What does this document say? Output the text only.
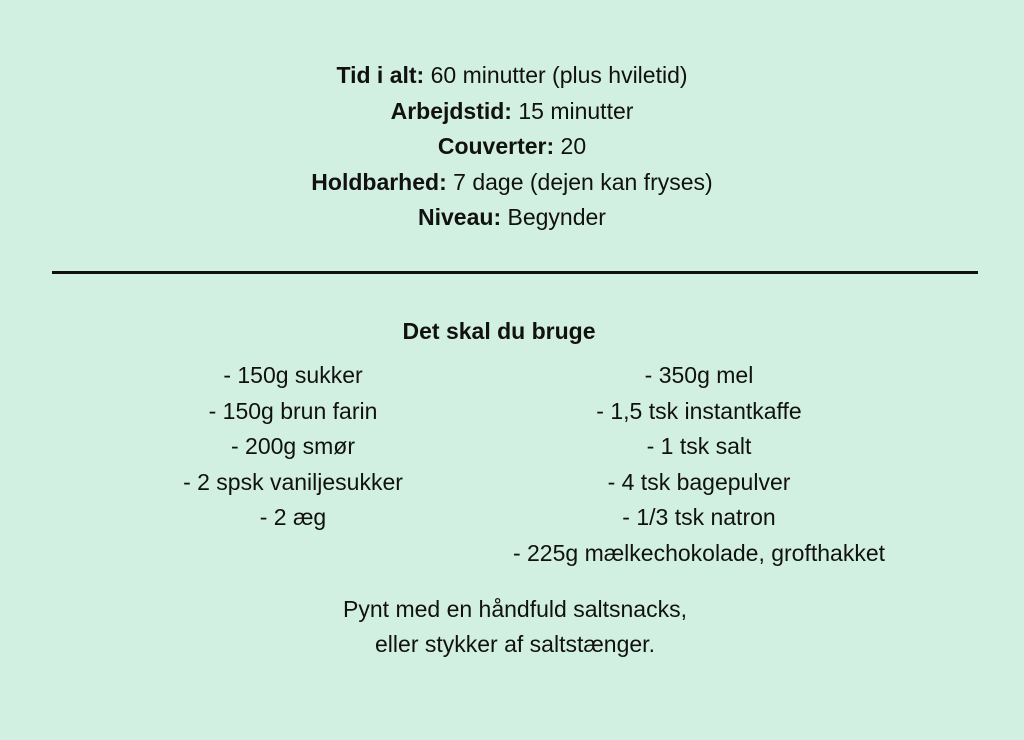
Tid i alt: 60 minutter (plus hviletid)
Arbejdstid: 15 minutter
Couverter: 20
Holdbarhed: 7 dage (dejen kan fryses)
Niveau: Begynder
Det skal du bruge
- 150g sukker
- 150g brun farin
- 200g smør
- 2 spsk vaniljesukker
- 2 æg
- 350g mel
- 1,5 tsk instantkaffe
- 1 tsk salt
- 4 tsk bagepulver
- 1/3 tsk natron
- 225g mælkechokolade, grofthakket
Pynt med en håndfuld saltsnacks,
eller stykker af saltstænger.
